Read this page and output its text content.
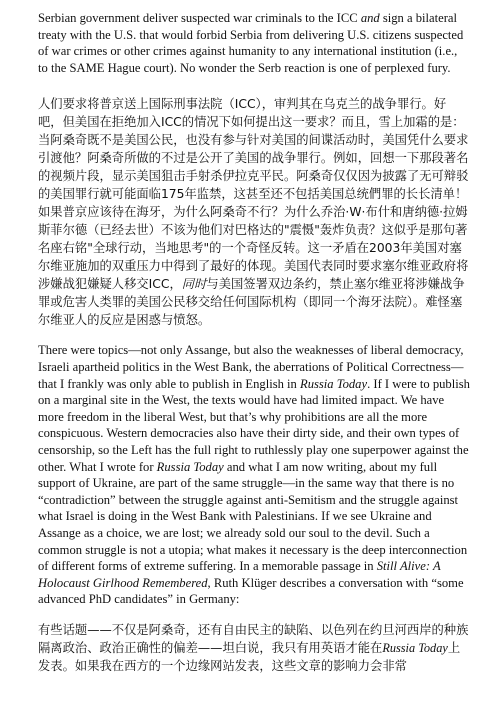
Serbian government deliver suspected war criminals to the ICC and sign a bilateral treaty with the U.S. that would forbid Serbia from delivering U.S. citizens suspected of war crimes or other crimes against humanity to any international institution (i.e., to the SAME Hague court). No wonder the Serb reaction is one of perplexed fury.

人们要求将普京送上国际刑事法院（ICC），审判其在乌克兰的战争罪行。好吧，但美国在拒绝加入ICC的情况下如何提出这一要求？而且，雪上加霜的是：当阿桑奇既不是美国公民，也没有参与针对美国的间谍活动时，美国凭什么要求引渡他？阿桑奇所做的不过是公开了美国的战争罪行。例如，回想一下那段著名的视频片段，显示美国狙击手射杀伊拉克平民。阿桑奇仅仅因为披露了无可辩驳的美国罪行就可能面临175年监禁，这甚至还不包括美国总统們罪的长长清单！如果普京应该待在海牙，为什么阿桑奇不行？为什么乔治·W·布什和唐纳德·拉姆斯菲尔德（已经去世）不该为他们对巴格达的"震慑"轰炸负责？这似乎是那句著名座右铭"全球行动，当地思考"的一个奇怪反转。这一矛盾在2003年美国对塞尔维亚施加的双重压力中得到了最好的体现。美国代表同时要求塞尔维亚政府将涉嫌战犯嫌疑人移交ICC，同时与美国签署双边条约，禁止塞尔维亚将涉嫌战争罪或危害人类罪的美国公民移交给任何国际机构（即同一个海牙法院）。难怪塞尔维亚人的反应是困惑与愤怒。

There were topics—not only Assange, but also the weaknesses of liberal democracy, Israeli apartheid politics in the West Bank, the aberrations of Political Correctness—that I frankly was only able to publish in English in Russia Today. If I were to publish on a marginal site in the West, the texts would have had limited impact. We have more freedom in the liberal West, but that’s why prohibitions are all the more conspicuous. Western democracies also have their dirty side, and their own types of censorship, so the Left has the full right to ruthlessly play one superpower against the other. What I wrote for Russia Today and what I am now writing, about my full support of Ukraine, are part of the same struggle—in the same way that there is no “contradiction” between the struggle against anti-Semitism and the struggle against what Israel is doing in the West Bank with Palestinians. If we see Ukraine and Assange as a choice, we are lost; we already sold our soul to the devil. Such a common struggle is not a utopia; what makes it necessary is the deep interconnection of different forms of extreme suffering. In a memorable passage in Still Alive: A Holocaust Girlhood Remembered, Ruth Klüger describes a conversation with “some advanced PhD candidates” in Germany:

有些话题——不仅是阿桑奇，还有自由民主的缺陷、以色列在约旦河西岸的种族隔离政治、政治正确性的偏差——坦白说，我只有用英语才能在Russia Today上发表。如果我在西方的一个边缘网站发表，这些文章的影响力会非常
